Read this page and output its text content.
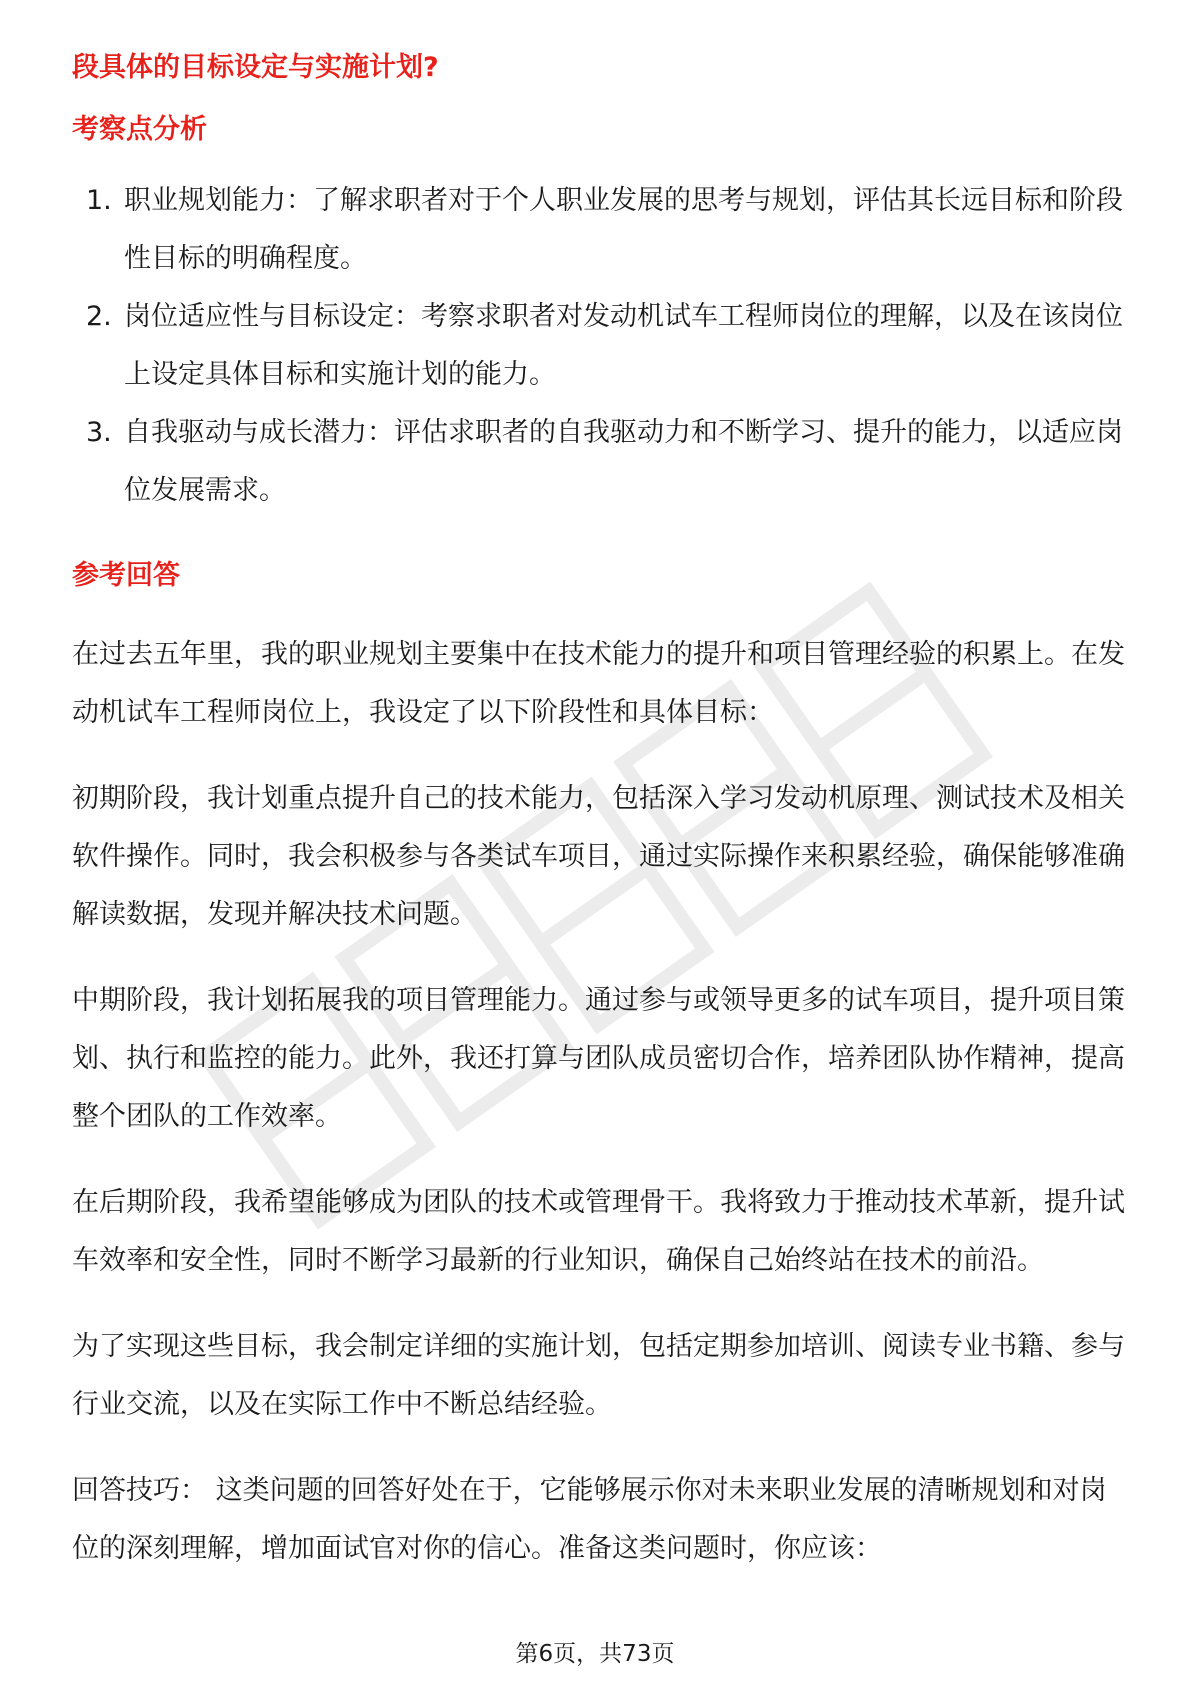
段具体的目标设定与实施计划?

考察点分析

1. 职业规划能力：了解求职者对于个人职业发展的思考与规划，评估其长远目标和阶段性目标的明确程度。
2. 岗位适应性与目标设定：考察求职者对发动机试车工程师岗位的理解，以及在该岗位上设定具体目标和实施计划的能力。
3. 自我驱动与成长潜力：评估求职者的自我驱动力和不断学习、提升的能力，以适应岗位发展需求。

参考回答

在过去五年里，我的职业规划主要集中在技术能力的提升和项目管理经验的积累上。在发动机试车工程师岗位上，我设定了以下阶段性和具体目标：

初期阶段，我计划重点提升自己的技术能力，包括深入学习发动机原理、测试技术及相关软件操作。同时，我会积极参与各类试车项目，通过实际操作来积累经验，确保能够准确解读数据，发现并解决技术问题。

中期阶段，我计划拓展我的项目管理能力。通过参与或领导更多的试车项目，提升项目策划、执行和监控的能力。此外，我还打算与团队成员密切合作，培养团队协作精神，提高整个团队的工作效率。

在后期阶段，我希望能够成为团队的技术或管理骨干。我将致力于推动技术革新，提升试车效率和安全性，同时不断学习最新的行业知识，确保自己始终站在技术的前沿。

为了实现这些目标，我会制定详细的实施计划，包括定期参加培训、阅读专业书籍、参与行业交流，以及在实际工作中不断总结经验。

回答技巧： 这类问题的回答好处在于，它能够展示你对未来职业发展的清晰规划和对岗位的深刻理解，增加面试官对你的信心。准备这类问题时，你应该：

第6页，共73页
